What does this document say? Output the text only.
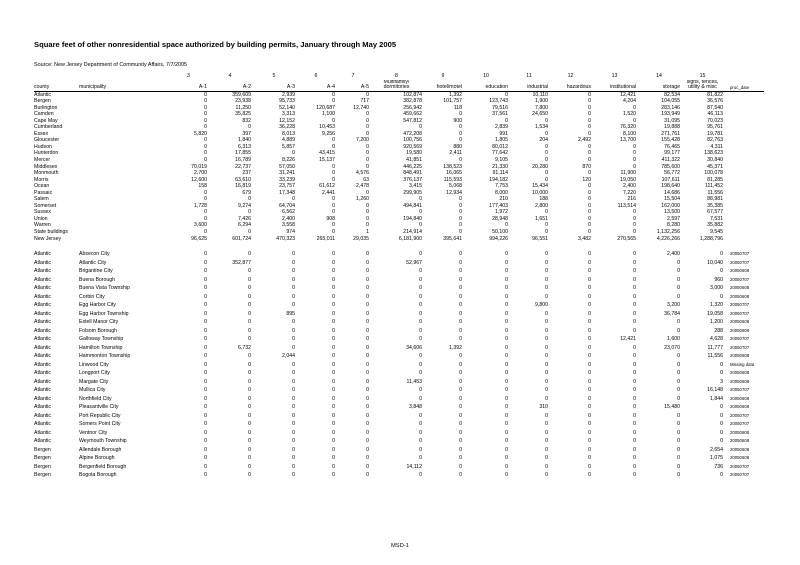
Square feet of other nonresidential space authorized by building permits, January through May 2005
Source: New Jersey Department of Community Affairs, 7/7/2005
		3	4	5	6	7	8	9	10	11	12	13	14	15	
county	municipality	A-1	A-2	A-3	A-4	A-5	Multifamily/ dormitories	hotel/motel	education	industrial	hazardous	institutional	storage	signs, fences, utility & misc	proc_date
Atlantic		0	359,609	2,939	0	0	102,874	1,392	0	10,110	0	12,421	82,534	81,822	
Bergen		0	23,938	95,733	0	717	382,878	101,757	123,743	1,900	0	4,204	104,055	36,576	
Burlington		0	11,250	52,140	120,687	12,740	256,942	118	79,516	7,800	0	0	283,146	87,540	
Camden		0	35,825	3,313	1,100	0	459,662	0	37,561	24,650	0	1,520	193,949	46,113	
Cape May		0	832	12,152	0	0	547,812	900	0	0	0	0	31,095	70,023	
Cumberland		0	0	36,228	10,453	0	0	0	2,839	1,534	0	76,320	19,888	95,761	
Essex		5,820	397	8,013	9,256	0	472,208	0	991	0	0	8,100	271,761	19,781	
Gloucester		0	1,840	4,889	0	7,200	100,756	0	1,805	204	2,492	13,700	155,428	82,763	
Hudson		0	6,313	5,857	0	0	920,569	880	80,012	0	0	0	76,465	4,311	
Hunterdon		0	17,855	0	43,415	0	19,580	2,411	77,642	0	0	0	99,177	138,623	
Mercer		0	16,789	8,226	15,137	0	41,851	0	9,105	0	0	0	411,322	30,840	
Middlesex		70,019	22,737	57,050	0	0	446,225	138,523	21,330	20,280	870	0	785,600	45,371	
Monmouth		2,700	237	31,241	0	4,576	848,491	16,065	91,114	0	0	11,900	56,772	100,078	
Morris		12,600	63,610	33,239	0	63	376,137	115,593	194,182	0	120	19,050	107,611	81,285	
Ocean		158	16,819	23,757	61,612	2,478	3,415	5,068	7,753	15,434	0	2,400	198,640	111,452	
Passaic		0	679	17,348	2,441	0	299,905	12,934	8,000	10,000	0	7,220	14,686	11,556	
Salem		0	0	0	0	1,260	0	0	210	188	0	216	15,504	88,981	
Somerset		1,728	9,274	64,704	0	0	494,841	0	177,403	2,800	0	113,514	162,000	35,385	
Sussex		0	0	6,562	0	0	0	0	1,972	0	0	0	13,500	67,577	
Union		0	7,426	2,400	908	0	194,840	0	28,948	1,651	0	0	2,597	7,531	
Warren		3,600	6,294	3,558	0	0	0	0	0	0	0	0	8,280	35,882	
State buildings		0	0	974	0	1	214,914	0	50,100	0	0	0	1,132,256	9,545	
New Jersey		96,625	601,724	470,323	265,011	29,035	6,181,900	395,641	994,226	96,551	3,482	270,565	4,226,266	1,288,796	

Atlantic	Absecon City	0	0	0	0	0	0	0	0	0	0	0	2,400	0	20050707
Atlantic	Atlantic City	0	352,877	0	0	0	52,967	0	0	0	0	0	0	10,040	20050707
Atlantic	Brigantine City	0	0	0	0	0	0	0	0	0	0	0	0	0	20050608
Atlantic	Buena Borough	0	0	0	0	0	0	0	0	0	0	0	0	960	20050707
Atlantic	Buena Vista Township	0	0	0	0	0	0	0	0	0	0	0	0	3,000	20050608
Atlantic	Corbin City	0	0	0	0	0	0	0	0	0	0	0	0	0	20050608
Atlantic	Egg Harbor City	0	0	0	0	0	0	0	0	9,800	0	0	3,200	1,320	20050707
Atlantic	Egg Harbor Township	0	0	895	0	0	0	0	0	0	0	0	36,784	19,058	20050707
Atlantic	Estell Manor City	0	0	0	0	0	0	0	0	0	0	0	0	1,200	20050608
Atlantic	Folsom Borough	0	0	0	0	0	0	0	0	0	0	0	0	288	20050608
Atlantic	Galloway Township	0	0	0	0	0	0	0	0	0	0	12,421	1,600	4,628	20050707
Atlantic	Hamilton Township	0	6,732	0	0	0	34,606	1,392	0	0	0	0	23,070	11,777	20050707
Atlantic	Hammonton Township	0	0	2,044	0	0	0	0	0	0	0	0	0	11,556	20050608
Atlantic	Linwood City	0	0	0	0	0	0	0	0	0	0	0	0	0	Missing data
Atlantic	Longport City	0	0	0	0	0	0	0	0	0	0	0	0	0	20050608
Atlantic	Margate City	0	0	0	0	0	11,453	0	0	0	0	0	0	3	20050608
Atlantic	Mullica City	0	0	0	0	0	0	0	0	0	0	0	0	16,148	20050707
Atlantic	Northfield City	0	0	0	0	0	0	0	0	0	0	0	0	1,844	20050608
Atlantic	Pleasantville City	0	0	0	0	0	3,848	0	0	310	0	0	15,480	0	20050608
Atlantic	Port Republic City	0	0	0	0	0	0	0	0	0	0	0	0	0	20050707
Atlantic	Somers Point City	0	0	0	0	0	0	0	0	0	0	0	0	0	20050707
Atlantic	Ventnor City	0	0	0	0	0	0	0	0	0	0	0	0	0	20050608
Atlantic	Weymouth Township	0	0	0	0	0	0	0	0	0	0	0	0	0	20050608
Bergen	Allendale Borough	0	0	0	0	0	0	0	0	0	0	0	0	2,654	20050608
Bergen	Alpine Borough	0	0	0	0	0	0	0	0	0	0	0	0	1,075	20050608
Bergen	Bergenfield Borough	0	0	0	0	0	14,112	0	0	0	0	0	0	736	20050707
Bergen	Bogota Borough	0	0	0	0	0	0	0	0	0	0	0	0	0	20050707
MSD-1
